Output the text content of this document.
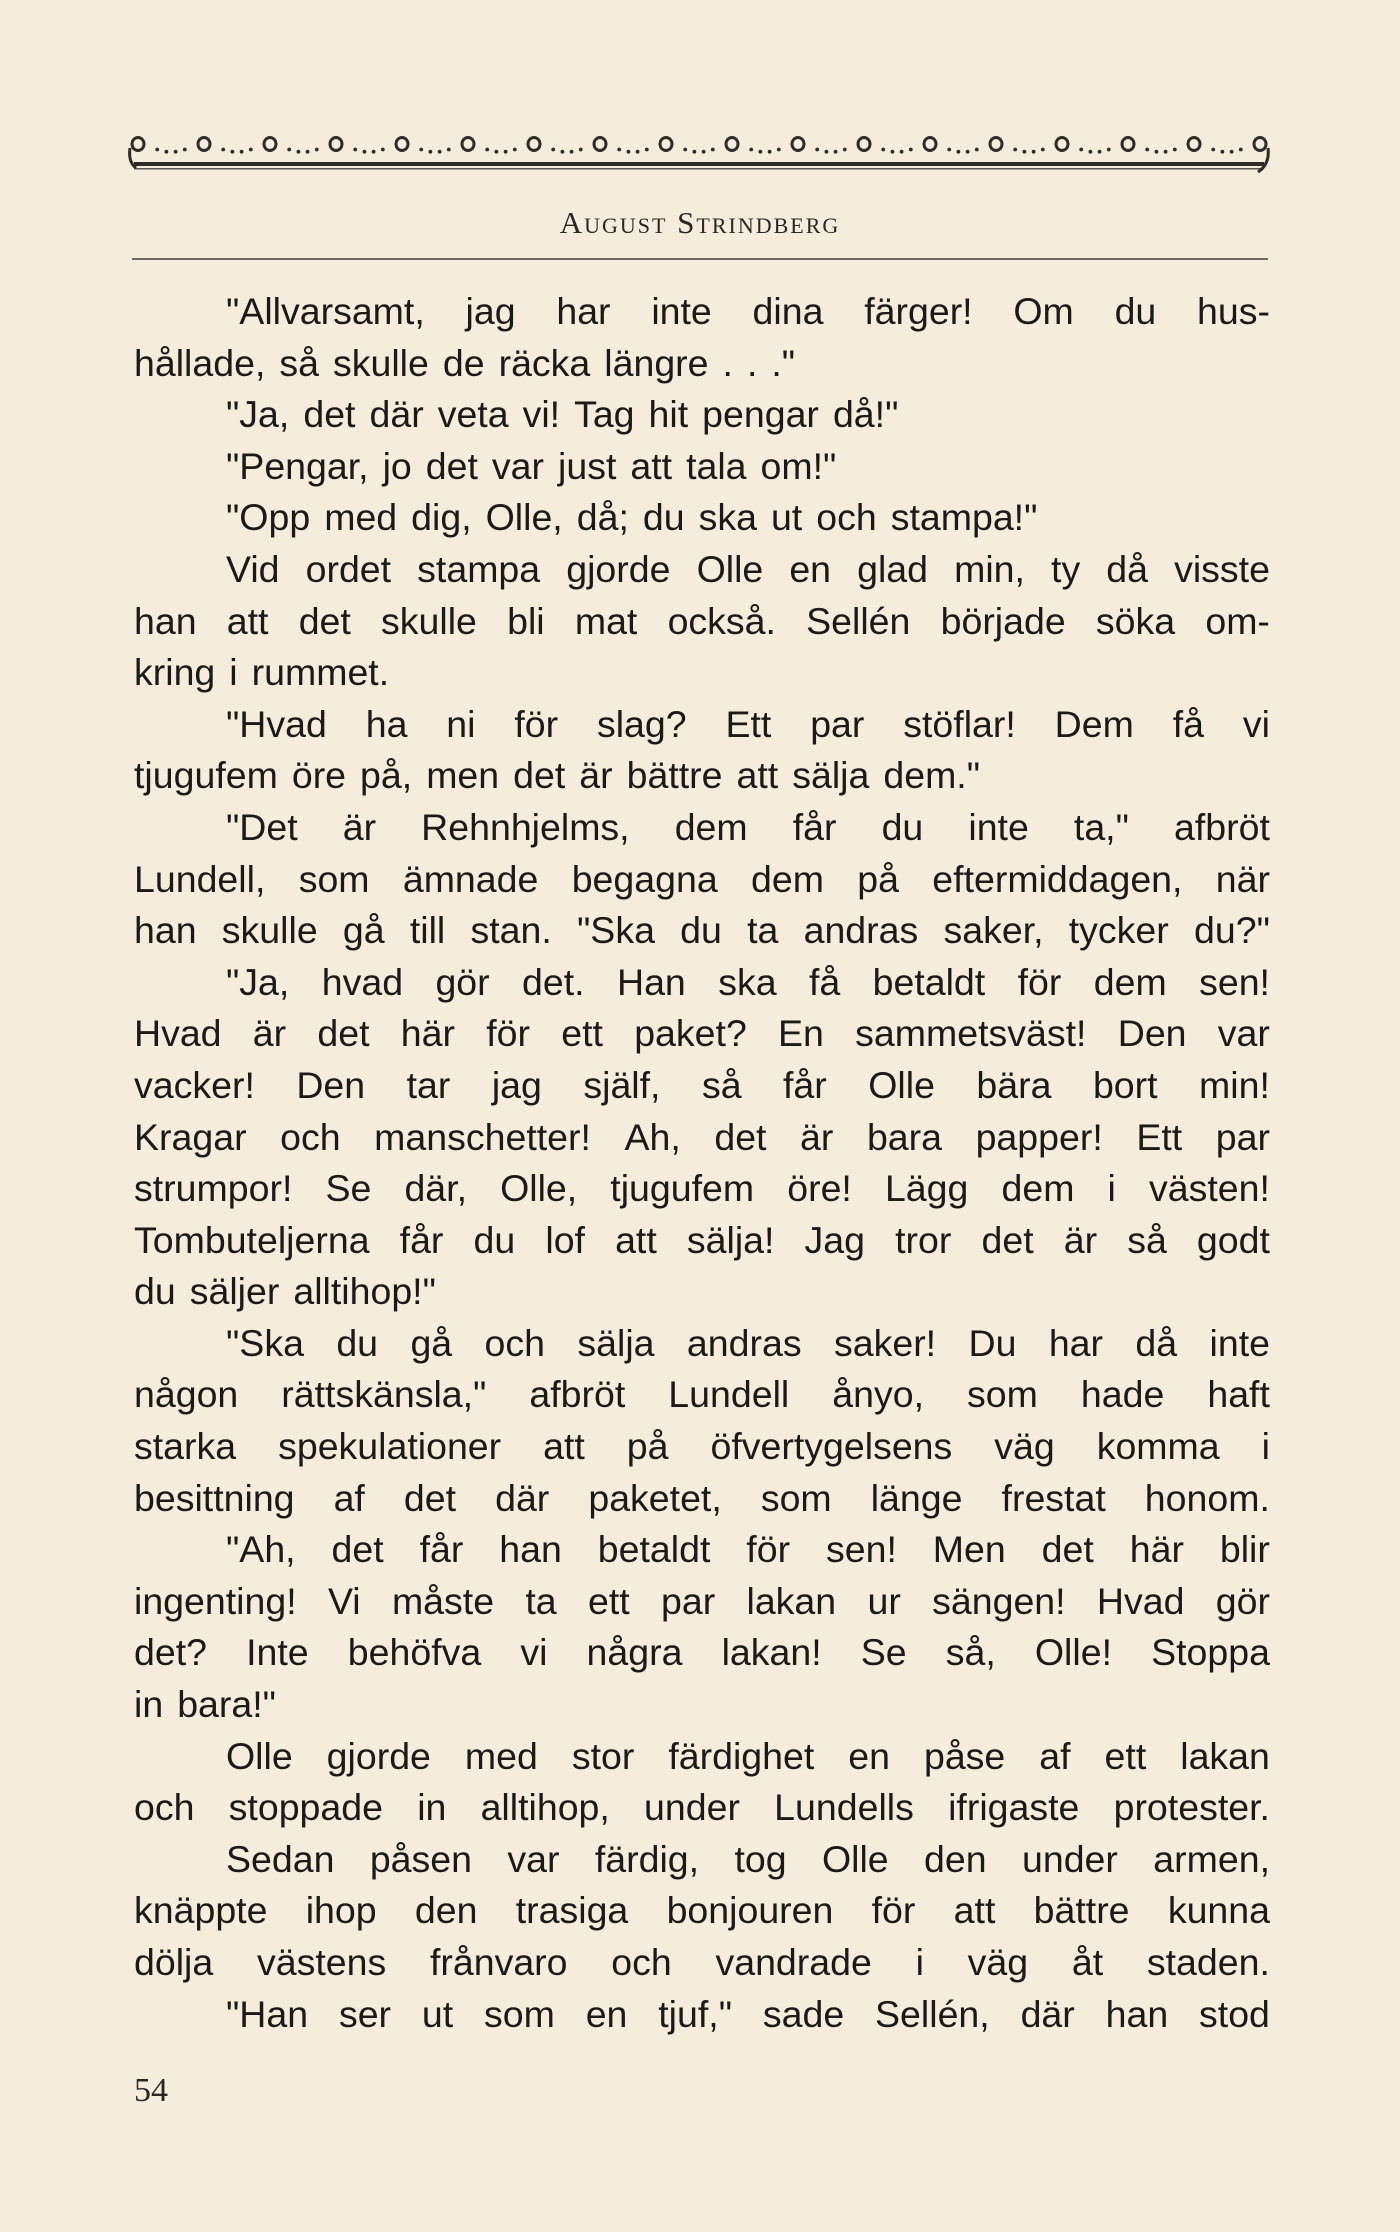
August Strindberg
"Allvarsamt, jag har inte dina färger! Om du hus-
hållade, så skulle de räcka längre . . ."
"Ja, det där veta vi! Tag hit pengar då!"
"Pengar, jo det var just att tala om!"
"Opp med dig, Olle, då; du ska ut och stampa!"
Vid ordet stampa gjorde Olle en glad min, ty då visste
han att det skulle bli mat också. Sellén började söka om-
kring i rummet.
"Hvad ha ni för slag? Ett par stöflar! Dem få vi
tjugufem öre på, men det är bättre att sälja dem."
"Det är Rehnhjelms, dem får du inte ta," afbröt
Lundell, som ämnade begagna dem på eftermiddagen, när
han skulle gå till stan. "Ska du ta andras saker, tycker du?"
"Ja, hvad gör det. Han ska få betaldt för dem sen!
Hvad är det här för ett paket? En sammetsväst! Den var
vacker! Den tar jag själf, så får Olle bära bort min!
Kragar och manschetter! Ah, det är bara papper! Ett par
strumpor! Se där, Olle, tjugufem öre! Lägg dem i västen!
Tombuteljerna får du lof att sälja! Jag tror det är så godt
du säljer alltihop!"
"Ska du gå och sälja andras saker! Du har då inte
någon rättskänsla," afbröt Lundell ånyo, som hade haft
starka spekulationer att på öfvertygelsens väg komma i
besittning af det där paketet, som länge frestat honom.
"Ah, det får han betaldt för sen! Men det här blir
ingenting! Vi måste ta ett par lakan ur sängen! Hvad gör
det? Inte behöfva vi några lakan! Se så, Olle! Stoppa
in bara!"
Olle gjorde med stor färdighet en påse af ett lakan
och stoppade in alltihop, under Lundells ifrigaste protester.
Sedan påsen var färdig, tog Olle den under armen,
knäppte ihop den trasiga bonjouren för att bättre kunna
dölja västens frånvaro och vandrade i väg åt staden.
"Han ser ut som en tjuf," sade Sellén, där han stod
54
